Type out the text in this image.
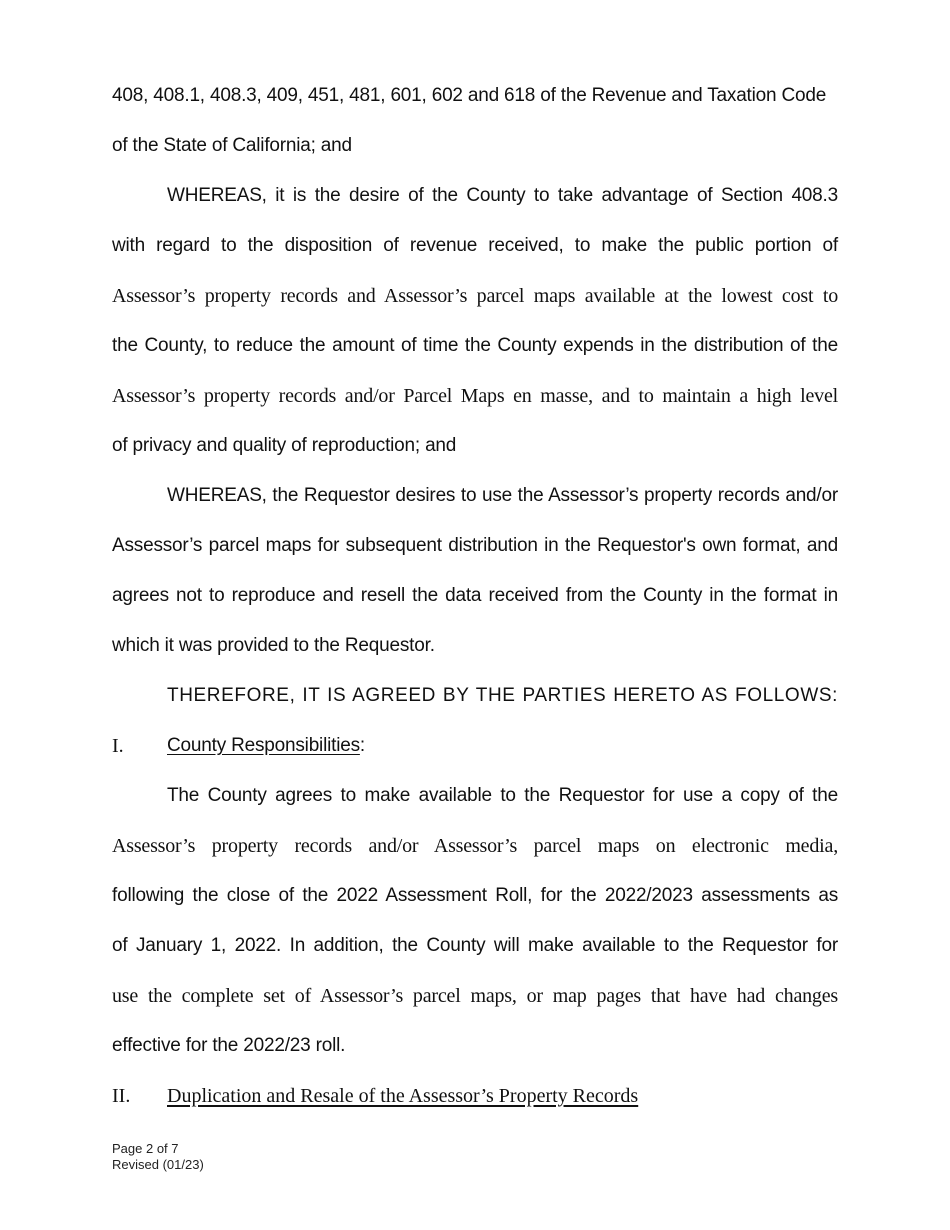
408, 408.1, 408.3, 409, 451, 481, 601, 602 and 618 of the Revenue and Taxation Code
of the State of California; and
WHEREAS, it is the desire of the County to take advantage of Section 408.3
with regard to the disposition of revenue received, to make the public portion of
Assessor’s property records and Assessor’s parcel maps available at the lowest cost to
the County, to reduce the amount of time the County expends in the distribution of the
Assessor’s property records and/or Parcel Maps en masse, and to maintain a high level
of privacy and quality of reproduction; and
WHEREAS, the Requestor desires to use the Assessor’s property records and/or
Assessor’s parcel maps for subsequent distribution in the Requestor's own format, and
agrees not to reproduce and resell the data received from the County in the format in
which it was provided to the Requestor.
THEREFORE, IT IS AGREED BY THE PARTIES HERETO AS FOLLOWS:
I. County Responsibilities:
The County agrees to make available to the Requestor for use a copy of the
Assessor’s property records and/or Assessor’s parcel maps on electronic media,
following the close of the 2022 Assessment Roll, for the 2022/2023 assessments as
of January 1, 2022. In addition, the County will make available to the Requestor for
use the complete set of Assessor’s parcel maps, or map pages that have had changes
effective for the 2022/23 roll.
II. Duplication and Resale of the Assessor’s Property Records
Page 2 of 7
Revised (01/23)
